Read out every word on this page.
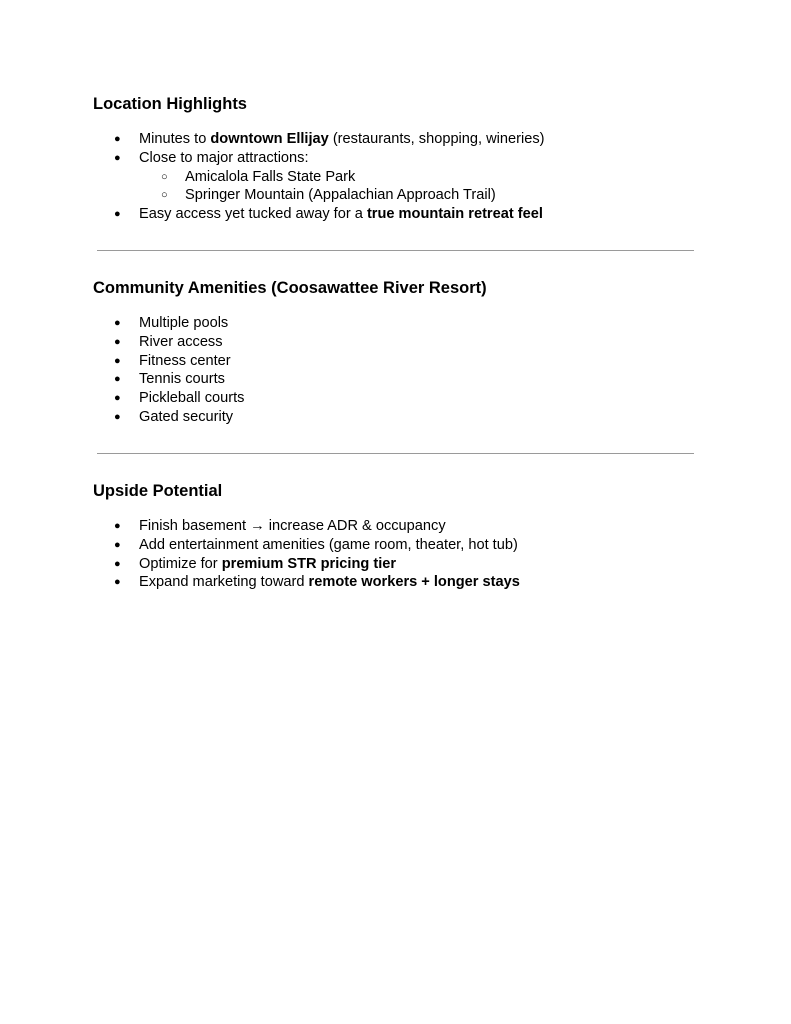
Location Highlights
● Minutes to downtown Ellijay (restaurants, shopping, wineries)
● Close to major attractions:
○ Amicalola Falls State Park
○ Springer Mountain (Appalachian Approach Trail)
● Easy access yet tucked away for a true mountain retreat feel
Community Amenities (Coosawattee River Resort)
● Multiple pools
● River access
● Fitness center
● Tennis courts
● Pickleball courts
● Gated security
Upside Potential
● Finish basement → increase ADR & occupancy
● Add entertainment amenities (game room, theater, hot tub)
● Optimize for premium STR pricing tier
● Expand marketing toward remote workers + longer stays
